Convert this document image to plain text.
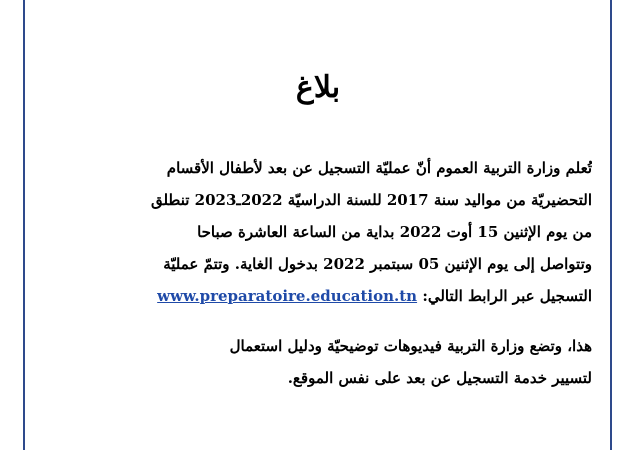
بلاغ
تُعلم وزارة التربية العموم أنّ عمليّة التسجيل عن بعد لأطفال الأقسام
التحضيريّة من مواليد سنة 2017 للسنة الدراسيّة 2022ـ2023 تنطلق
من يوم الإثنين 15 أوت 2022 بداية من الساعة العاشرة صباحا
وتتواصل إلى يوم الإثنين 05 سبتمبر 2022 بدخول الغاية. وتتمّ عمليّة
التسجيل عبر الرابط التالي: www.preparatoire.education.tn
هذا، وتضع وزارة التربية فيديوهات توضيحيّة ودليل استعمال
لتسيير خدمة التسجيل عن بعد على نفس الموقع.
